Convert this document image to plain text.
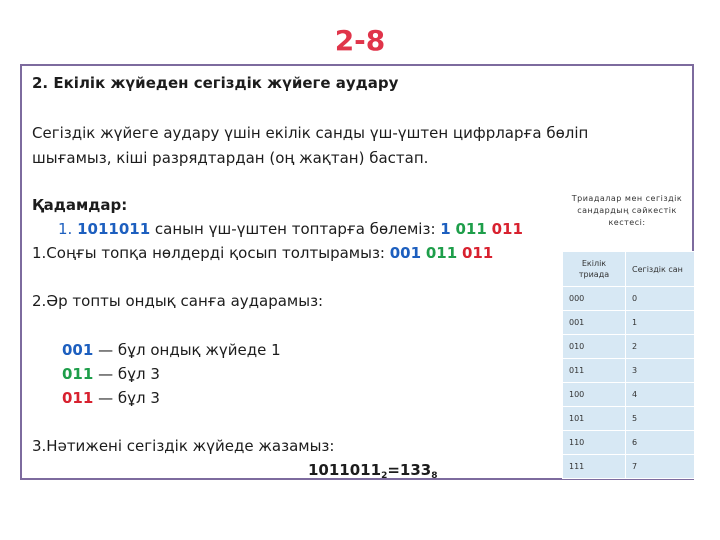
2-8
2. Екілік жүйеден сегіздік жүйеге аудару
Сегіздік жүйеге аудару үшін екілік санды үш-үштен цифрларға бөліп
шығамыз, кіші разрядтардан (оң жақтан) бастап.
Қадамдар:
1. 1011011 санын үш-үштен топтарға бөлеміз: 1 011 011
1.Соңғы топқа нөлдерді қосып толтырамыз: 001 011 011
2.Әр топты ондық санға аударамыз:
001 — бұл ондық жүйеде 1
011 — бұл 3
011 — бұл 3
3.Нәтижені сегіздік жүйеде жазамыз:
$1011011_2=133_8$
Триадалар мен сегіздік сандардың сәйкестік кестесі:
Екілік триада	Сегіздік сан
000	0
001	1
010	2
011	3
100	4
101	5
110	6
111	7
